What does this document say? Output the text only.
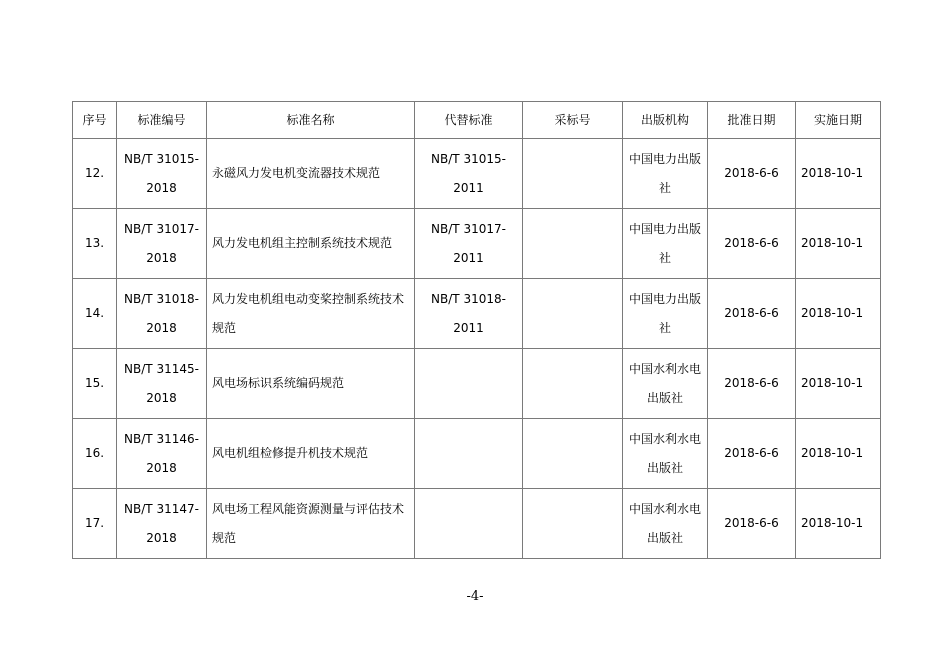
序号	标准编号	标准名称	代替标准	采标号	出版机构	批准日期	实施日期
12.	NB/T 31015-2018	永磁风力发电机变流器技术规范	NB/T 31015-2011		中国电力出版社	2018-6-6	2018-10-1
13.	NB/T 31017-2018	风力发电机组主控制系统技术规范	NB/T 31017-2011		中国电力出版社	2018-6-6	2018-10-1
14.	NB/T 31018-2018	风力发电机组电动变桨控制系统技术规范	NB/T 31018-2011		中国电力出版社	2018-6-6	2018-10-1
15.	NB/T 31145-2018	风电场标识系统编码规范			中国水利水电出版社	2018-6-6	2018-10-1
16.	NB/T 31146-2018	风电机组检修提升机技术规范			中国水利水电出版社	2018-6-6	2018-10-1
17.	NB/T 31147-2018	风电场工程风能资源测量与评估技术规范			中国水利水电出版社	2018-6-6	2018-10-1
-4-
